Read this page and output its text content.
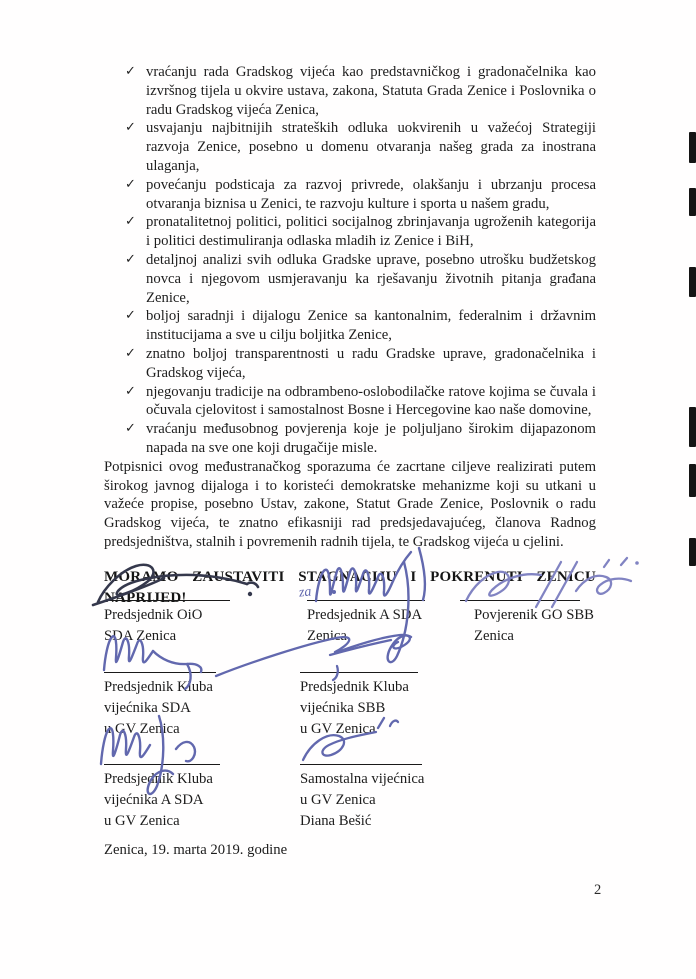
✓ vraćanju rada Gradskog vijeća kao predstavničkog i gradonačelnika kao izvršnog tijela u okvire ustava, zakona, Statuta Grada Zenice i Poslovnika o radu Gradskog vijeća Zenica,
✓ usvajanju najbitnijih strateških odluka uokvirenih u važećoj Strategiji razvoja Zenice, posebno u domenu otvaranja našeg grada za inostrana ulaganja,
✓ povećanju podsticaja za razvoj privrede, olakšanju i ubrzanju procesa otvaranja biznisa u Zenici, te razvoju kulture i sporta u našem gradu,
✓ pronatalitetnoj politici, politici socijalnog zbrinjavanja ugroženih kategorija i politici destimuliranja odlaska mladih iz Zenice i BiH,
✓ detaljnoj analizi svih odluka Gradske uprave, posebno utrošku budžetskog novca i njegovom usmjeravanju ka rješavanju životnih pitanja građana Zenice,
✓ boljoj saradnji i dijalogu Zenice sa kantonalnim, federalnim i državnim institucijama a sve u cilju boljitka Zenice,
✓ znatno boljoj transparentnosti u radu Gradske uprave, gradonačelnika i Gradskog vijeća,
✓ njegovanju tradicije na odbrambeno-oslobodilačke ratove kojima se čuvala i očuvala cjelovitost i samostalnost Bosne i Hercegovine kao naše domovine,
✓ vraćanju međusobnog povjerenja koje je poljuljano širokim dijapazonom napada na sve one koji drugačije misle.

Potpisnici ovog međustranačkog sporazuma će zacrtane ciljeve realizirati putem širokog javnog dijaloga i to koristeći demokratske mehanizme koji su utkani u važeće propise, posebno Ustav, zakone, Statut Grade Zenice, Poslovnik o radu Gradskog vijeća, te znatno efikasniji rad predsjedavajućeg, članova Radnog predsjedništva, stalnih i povremenih radnih tijela, te Gradskog vijeća u cjelini.

MORAMO ZAUSTAVITI STAGNACIJU I POKRENUTI ZENICU NAPRIJED!

Predsjednik OiO
SDA Zenica
Predsjednik A SDA
Zenica
Povjerenik GO SBB
Zenica
Predsjednik Kluba
vijećnika SDA
u GV Zenica
Predsjednik Kluba
vijećnika SBB
u GV Zenica
Predsjednik Kluba
vijećnika A SDA
u GV Zenica
Samostalna vijećnica
u GV Zenica
Diana Bešić
Zenica, 19. marta 2019. godine
2
za
